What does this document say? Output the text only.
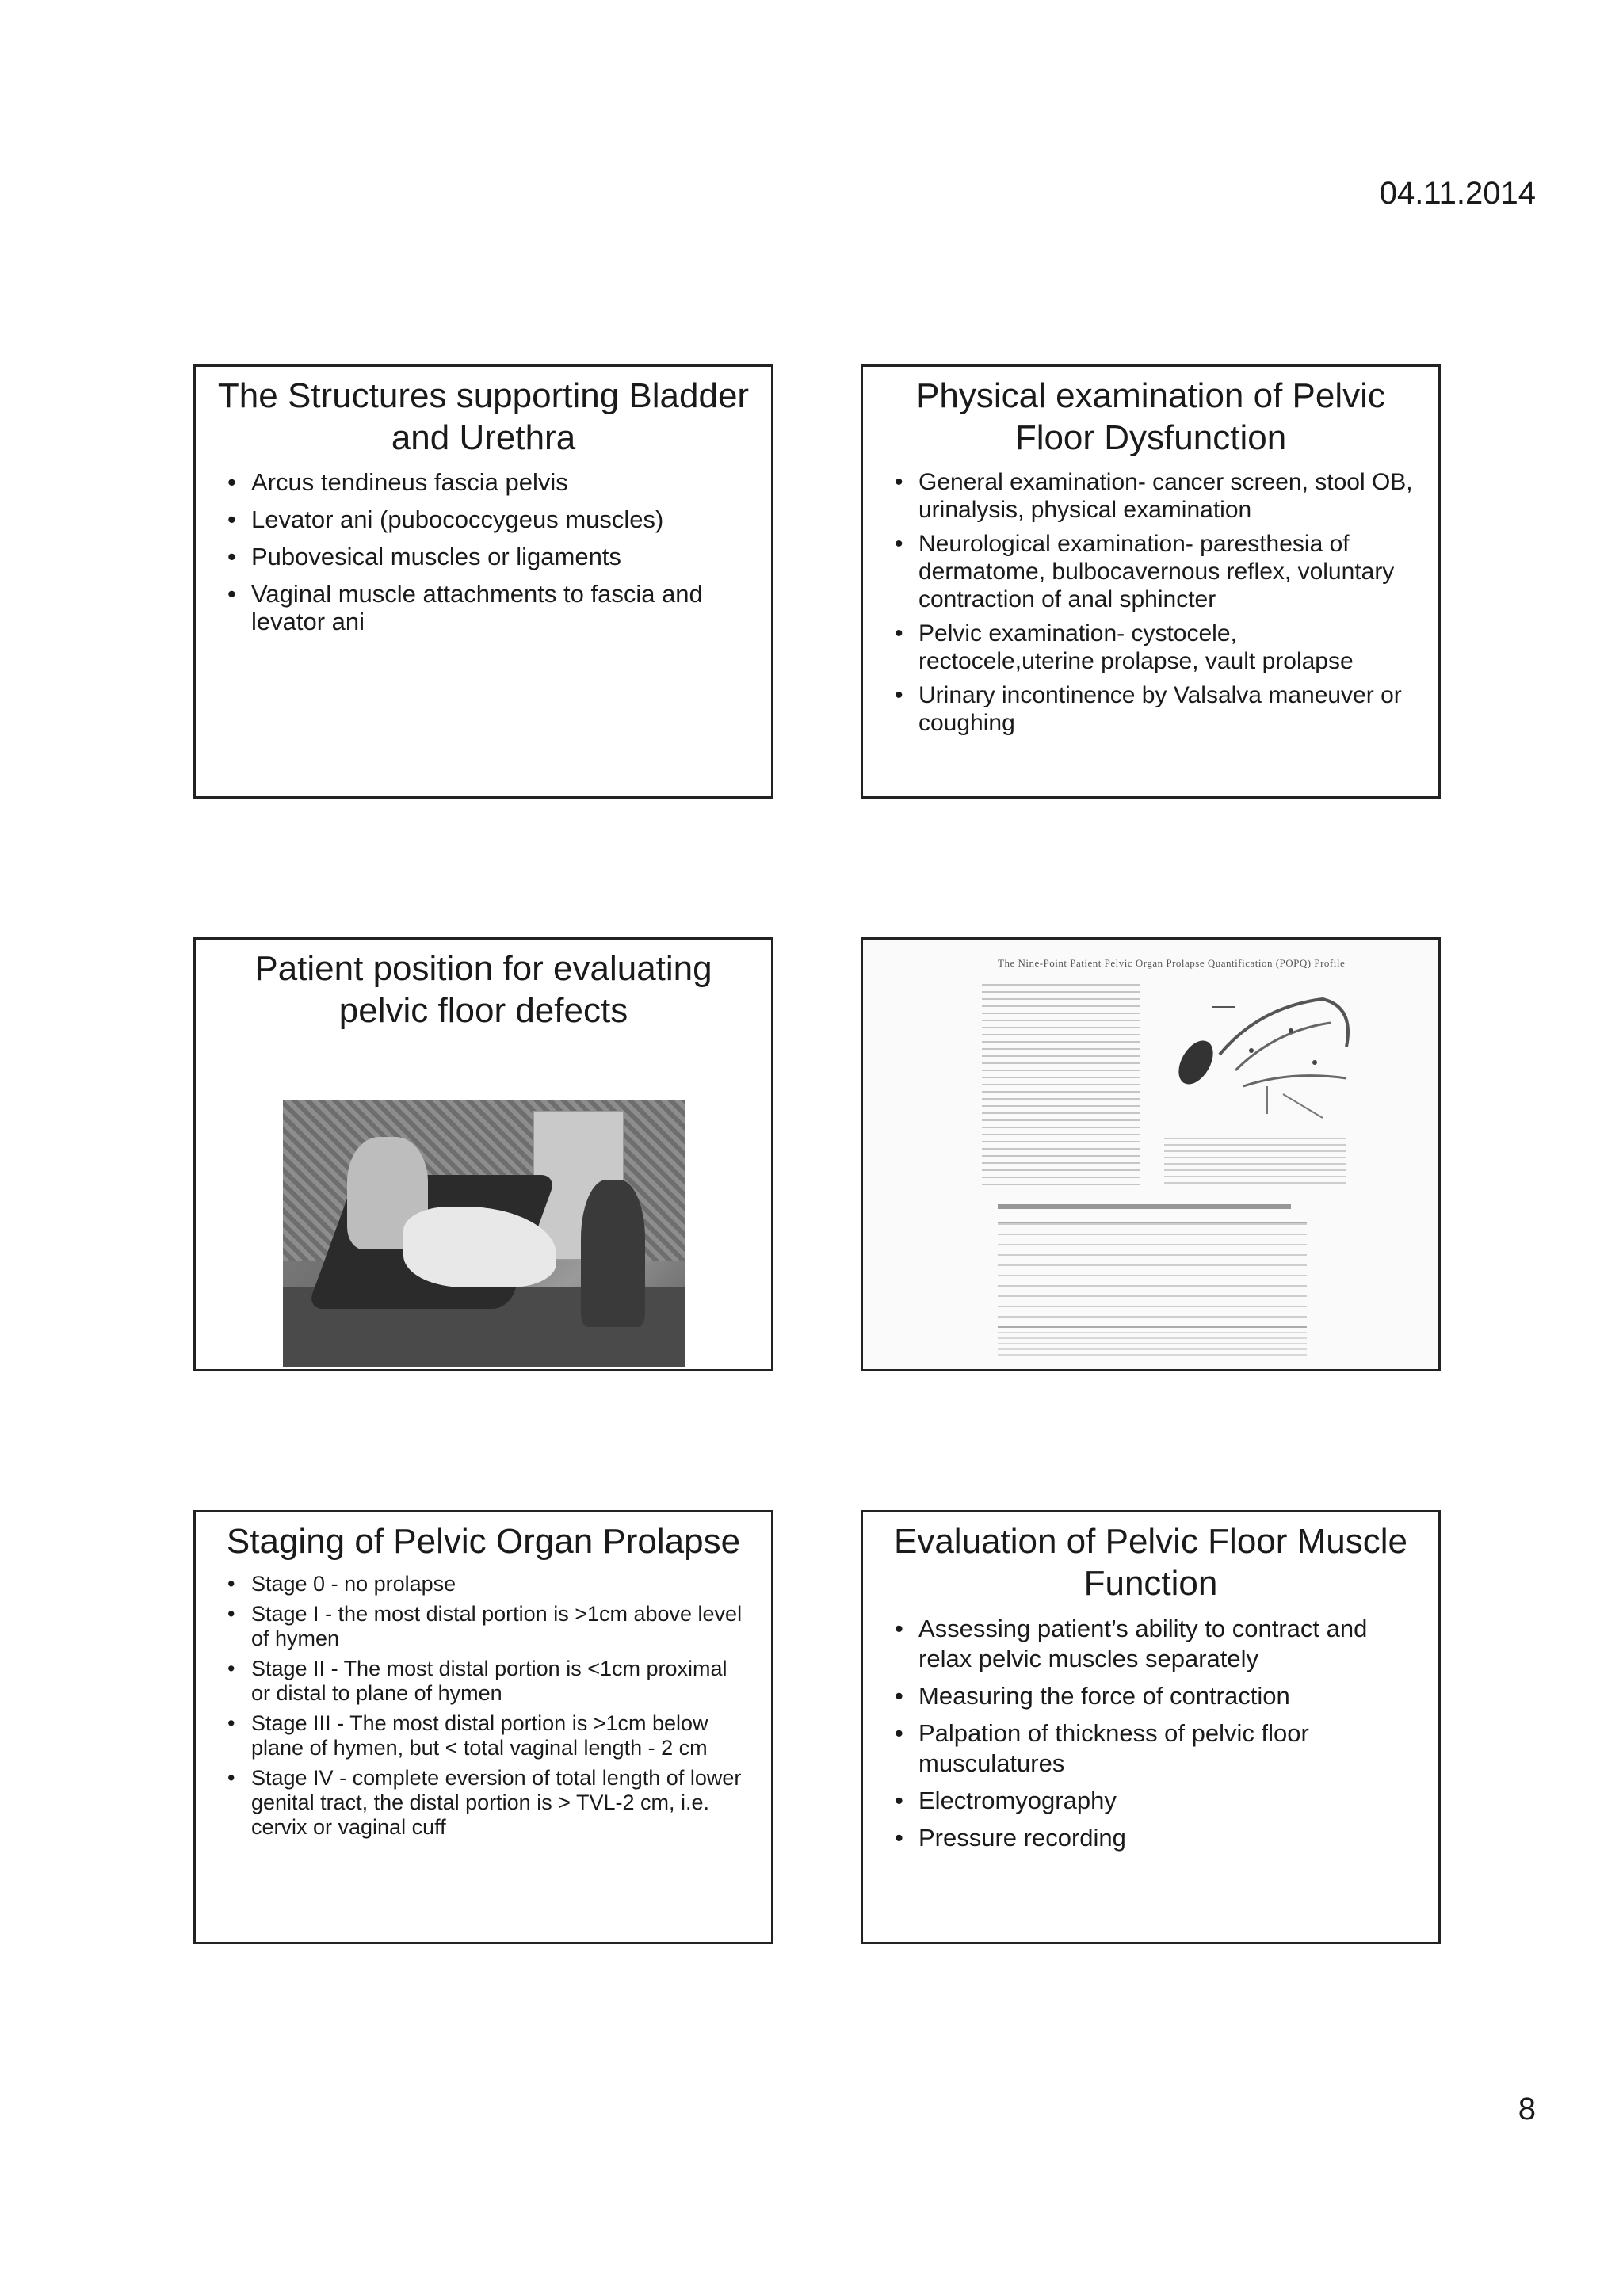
04.11.2014
The Structures supporting Bladder and Urethra
• Arcus tendineus fascia pelvis
• Levator ani (pubococcygeus muscles)
• Pubovesical muscles or ligaments
• Vaginal muscle attachments to fascia and levator ani
Physical examination of Pelvic Floor Dysfunction
• General examination- cancer screen, stool OB, urinalysis, physical examination
• Neurological examination- paresthesia of dermatome, bulbocavernous reflex, voluntary contraction of anal sphincter
• Pelvic examination- cystocele, rectocele,uterine prolapse, vault prolapse
• Urinary incontinence by Valsalva maneuver or coughing
Patient position for evaluating pelvic floor defects
The Nine-Point Patient Pelvic Organ Prolapse Quantification (POPQ) Profile
Staging of Pelvic Organ Prolapse
• Stage 0 - no prolapse
• Stage I - the most distal portion is >1cm above level of hymen
• Stage II - The most distal portion is <1cm proximal or distal to plane of hymen
• Stage III - The most distal portion is >1cm below plane of hymen, but < total vaginal length - 2 cm
• Stage IV - complete eversion of total length of lower genital tract, the distal portion is > TVL-2 cm, i.e. cervix or vaginal cuff
Evaluation of Pelvic Floor Muscle Function
• Assessing patient’s ability to contract and relax pelvic muscles separately
• Measuring the force of contraction
• Palpation of thickness of pelvic floor musculatures
• Electromyography
• Pressure recording
8
